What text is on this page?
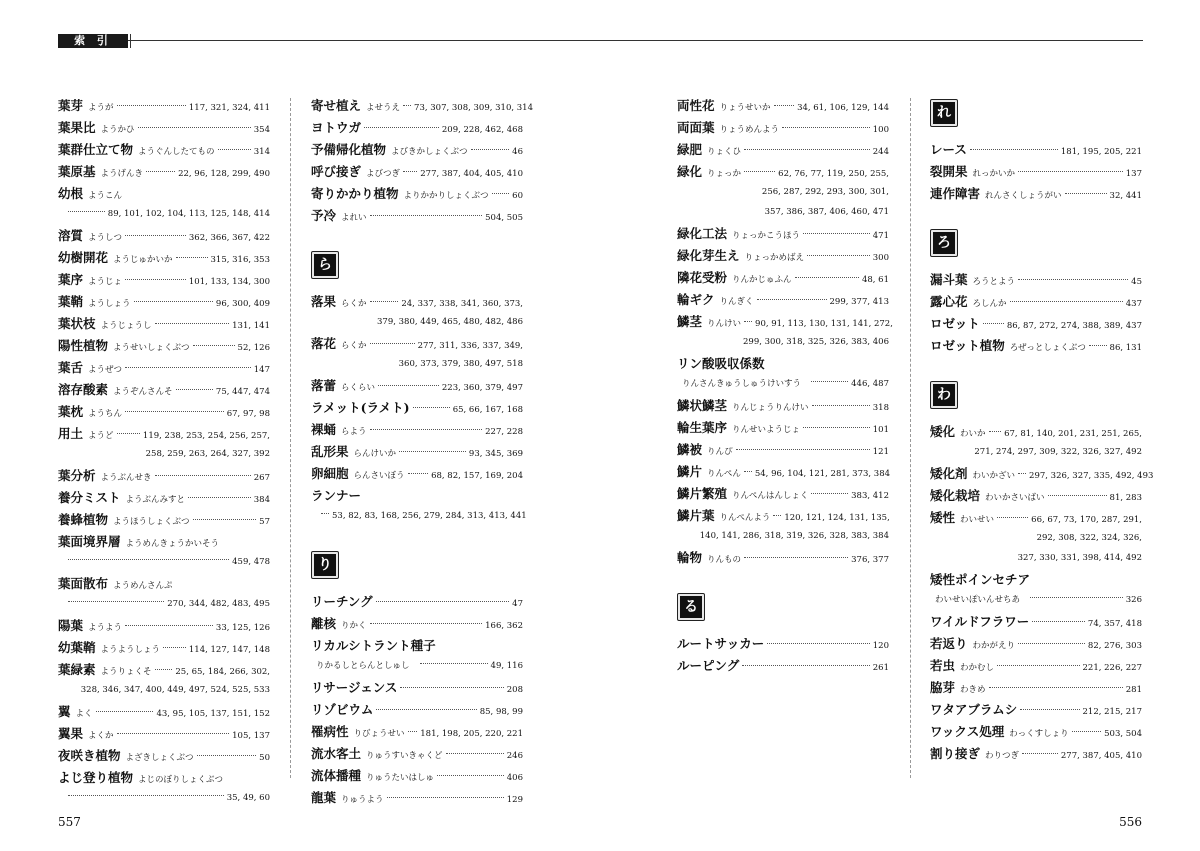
索 引
葉芽 ようが	117, 321, 324, 411
葉果比 ようかひ	354
葉群仕立て物 ようぐんしたてもの	314
葉原基 ようげんき	22, 96, 128, 299, 490
幼根 ようこん
89, 101, 102, 104, 113, 125, 148, 414
溶質 ようしつ	362, 366, 367, 422
幼樹開花 ようじゅかいか	315, 316, 353
葉序 ようじょ	101, 133, 134, 300
葉鞘 ようしょう	96, 300, 409
葉状枝 ようじょうし	131, 141
陽性植物 ようせいしょくぶつ	52, 126
葉舌 ようぜつ	147
溶存酸素 ようぞんさんそ	75, 447, 474
葉枕 ようちん	67, 97, 98
用土 ようど	119, 238, 253, 254, 256, 257,
258, 259, 263, 264, 327, 392
葉分析 ようぶんせき	267
養分ミスト ようぶんみすと	384
養蜂植物 ようほうしょくぶつ	57
葉面境界層 ようめんきょうかいそう
459, 478
葉面散布 ようめんさんぷ
270, 344, 482, 483, 495
陽葉 ようよう	33, 125, 126
幼葉鞘 ようようしょう	114, 127, 147, 148
葉緑素 ようりょくそ	25, 65, 184, 266, 302,
328, 346, 347, 400, 449, 497, 524, 525, 533
翼 よく	43, 95, 105, 137, 151, 152
翼果 よくか	105, 137
夜咲き植物 よざきしょくぶつ	50
よじ登り植物 よじのぼりしょくぶつ
35, 49, 60
寄せ植え よせうえ 73, 307, 308, 309, 310, 314
ヨトウガ	209, 228, 462, 468
予備帰化植物 よびきかしょくぶつ	46
呼び接ぎ よびつぎ 277, 387, 404, 405, 410
寄りかかり植物 よりかかりしょくぶつ	60
予冷 よれい	504, 505
ら
落果 らくか	24, 337, 338, 341, 360, 373,
379, 380, 449, 465, 480, 482, 486
落花 らくか	277, 311, 336, 337, 349,
360, 373, 379, 380, 497, 518
落蕾 らくらい	223, 360, 379, 497
ラメット(ラメト)	65, 66, 167, 168
裸蛹 らよう	227, 228
乱形果 らんけいか	93, 345, 369
卵細胞 らんさいぼう	68, 82, 157, 169, 204
ランナー
53, 82, 83, 168, 256, 279, 284, 313, 413, 441
り
リーチング	47
離核 りかく	166, 362
リカルシトラント種子
りかるしとらんとしゅし	49, 116
リサージェンス	208
リゾビウム	85, 98, 99
罹病性 りびょうせい 181, 198, 205, 220, 221
流水客土 りゅうすいきゃくど	246
流体播種 りゅうたいはしゅ	406
龍葉 りゅうよう	129
両性花 りょうせいか	34, 61, 106, 129, 144
両面葉 りょうめんよう	100
緑肥 りょくひ	244
緑化 りょっか	62, 76, 77, 119, 250, 255,
256, 287, 292, 293, 300, 301,
357, 386, 387, 406, 460, 471
緑化工法 りょっかこうほう	471
緑化芽生え りょっかめばえ	300
隣花受粉 りんかじゅふん	48, 61
輪ギク りんぎく	299, 377, 413
鱗茎 りんけい 90, 91, 113, 130, 131, 141, 272,
299, 300, 318, 325, 326, 383, 406
リン酸吸収係数
りんさんきゅうしゅうけいすう	446, 487
鱗状鱗茎 りんじょうりんけい	318
輪生葉序 りんせいようじょ	101
鱗被 りんぴ	121
鱗片 りんぺん 54, 96, 104, 121, 281, 373, 384
鱗片繁殖 りんぺんはんしょく	383, 412
鱗片葉 りんぺんよう 120, 121, 124, 131, 135,
140, 141, 286, 318, 319, 326, 328, 383, 384
輪物 りんもの	376, 377
る
ルートサッカー	120
ルーピング	261
れ
レース	181, 195, 205, 221
裂開果 れっかいか	137
連作障害 れんさくしょうがい	32, 441
ろ
漏斗葉 ろうとよう	45
露心花 ろしんか	437
ロゼット	86, 87, 272, 274, 388, 389, 437
ロゼット植物 ろぜっとしょくぶつ	86, 131
わ
矮化 わいか 67, 81, 140, 201, 231, 251, 265,
271, 274, 297, 309, 322, 326, 327, 492
矮化剤 わいかざい 297, 326, 327, 335, 492, 493
矮化栽培 わいかさいばい	81, 283
矮性 わいせい	66, 67, 73, 170, 287, 291,
292, 308, 322, 324, 326,
327, 330, 331, 398, 414, 492
矮性ポインセチア
わいせいぽいんせちあ	326
ワイルドフラワー	74, 357, 418
若返り わかがえり	82, 276, 303
若虫 わかむし	221, 226, 227
脇芽 わきめ	281
ワタアブラムシ	212, 215, 217
ワックス処理 わっくすしょり	503, 504
割り接ぎ わりつぎ	277, 387, 405, 410
557	556
